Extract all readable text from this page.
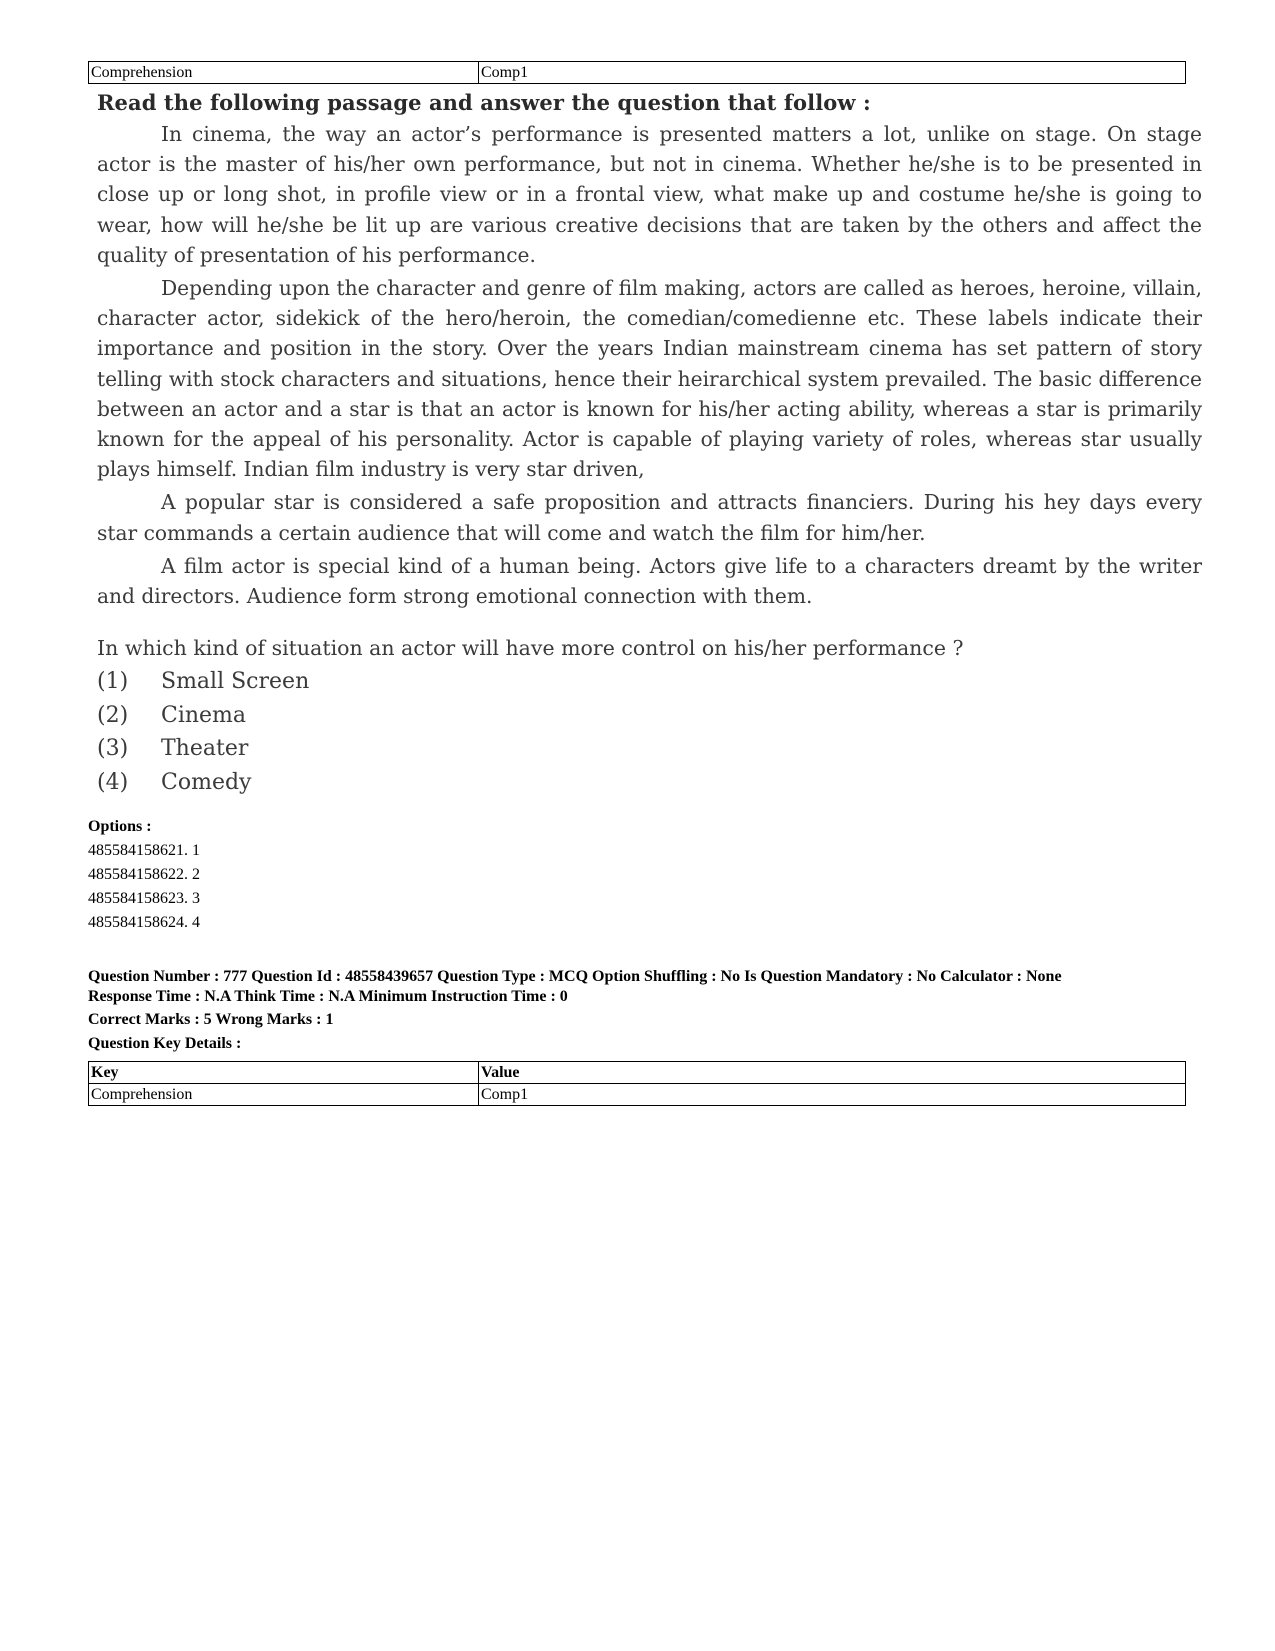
Comprehension	Comp1
Read the following passage and answer the question that follow :

In cinema, the way an actor’s performance is presented matters a lot, unlike on stage. On stage actor is the master of his/her own performance, but not in cinema. Whether he/she is to be presented in close up or long shot, in profile view or in a frontal view, what make up and costume he/she is going to wear, how will he/she be lit up are various creative decisions that are taken by the others and affect the quality of presentation of his performance.

Depending upon the character and genre of film making, actors are called as heroes, heroine, villain, character actor, sidekick of the hero/heroin, the comedian/comedienne etc. These labels indicate their importance and position in the story. Over the years Indian mainstream cinema has set pattern of story telling with stock characters and situations, hence their heirarchical system prevailed. The basic difference between an actor and a star is that an actor is known for his/her acting ability, whereas a star is primarily known for the appeal of his personality. Actor is capable of playing variety of roles, whereas star usually plays himself. Indian film industry is very star driven,

A popular star is considered a safe proposition and attracts financiers. During his hey days every star commands a certain audience that will come and watch the film for him/her.

A film actor is special kind of a human being. Actors give life to a characters dreamt by the writer and directors. Audience form strong emotional connection with them.

In which kind of situation an actor will have more control on his/her performance ?
(1)	Small Screen
(2)	Cinema
(3)	Theater
(4)	Comedy
Options :
485584158621. 1
485584158622. 2
485584158623. 3
485584158624. 4
Question Number : 777 Question Id : 48558439657 Question Type : MCQ Option Shuffling : No Is Question Mandatory : No Calculator : None
Response Time : N.A Think Time : N.A Minimum Instruction Time : 0
Correct Marks : 5 Wrong Marks : 1
Question Key Details :
Key	Value
Comprehension	Comp1
